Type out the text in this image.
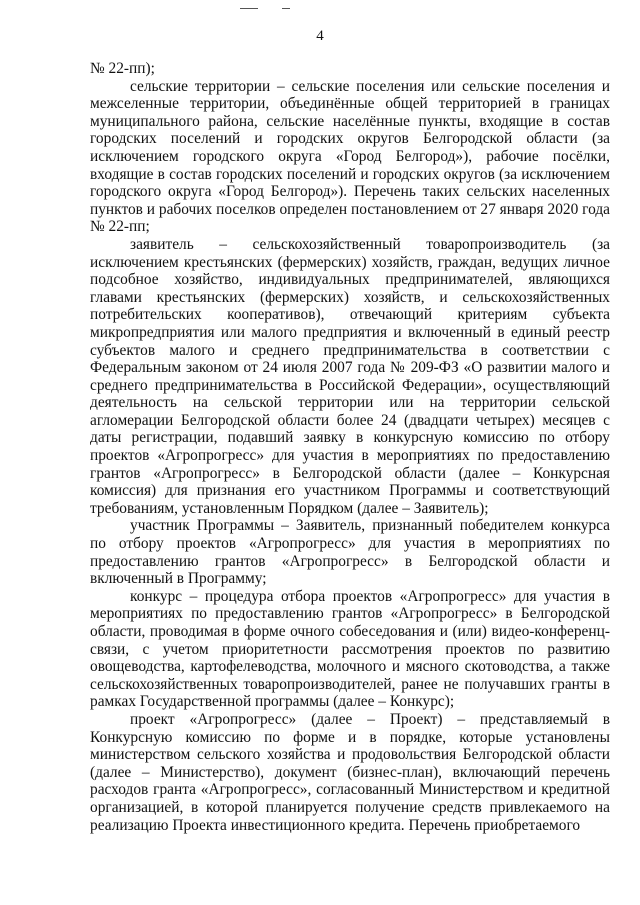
4

№ 22-пп);

сельские территории – сельские поселения или сельские поселения и межселенные территории, объединённые общей территорией в границах муниципального района, сельские населённые пункты, входящие в состав городских поселений и городских округов Белгородской области (за исключением городского округа «Город Белгород»), рабочие посёлки, входящие в состав городских поселений и городских округов (за исключением городского округа «Город Белгород»). Перечень таких сельских населенных пунктов и рабочих поселков определен постановлением от 27 января 2020 года № 22-пп;

заявитель – сельскохозяйственный товаропроизводитель (за исключением крестьянских (фермерских) хозяйств, граждан, ведущих личное подсобное хозяйство, индивидуальных предпринимателей, являющихся главами крестьянских (фермерских) хозяйств, и сельскохозяйственных потребительских кооперативов), отвечающий критериям субъекта микропредприятия или малого предприятия и включенный в единый реестр субъектов малого и среднего предпринимательства в соответствии с Федеральным законом от 24 июля 2007 года № 209-ФЗ «О развитии малого и среднего предпринимательства в Российской Федерации», осуществляющий деятельность на сельской территории или на территории сельской агломерации Белгородской области более 24 (двадцати четырех) месяцев с даты регистрации, подавший заявку в конкурсную комиссию по отбору проектов «Агропрогресс» для участия в мероприятиях по предоставлению грантов «Агропрогресс» в Белгородской области (далее – Конкурсная комиссия) для признания его участником Программы и соответствующий требованиям, установленным Порядком (далее – Заявитель);

участник Программы – Заявитель, признанный победителем конкурса по отбору проектов «Агропрогресс» для участия в мероприятиях по предоставлению грантов «Агропрогресс» в Белгородской области и включенный в Программу;

конкурс – процедура отбора проектов «Агропрогресс» для участия в мероприятиях по предоставлению грантов «Агропрогресс» в Белгородской области, проводимая в форме очного собеседования и (или) видео-конференц-связи, с учетом приоритетности рассмотрения проектов по развитию овощеводства, картофелеводства, молочного и мясного скотоводства, а также сельскохозяйственных товаропроизводителей, ранее не получавших гранты в рамках Государственной программы (далее – Конкурс);

проект «Агропрогресс» (далее – Проект) – представляемый в Конкурсную комиссию по форме и в порядке, которые установлены министерством сельского хозяйства и продовольствия Белгородской области (далее – Министерство), документ (бизнес-план), включающий перечень расходов гранта «Агропрогресс», согласованный Министерством и кредитной организацией, в которой планируется получение средств привлекаемого на реализацию Проекта инвестиционного кредита. Перечень приобретаемого
